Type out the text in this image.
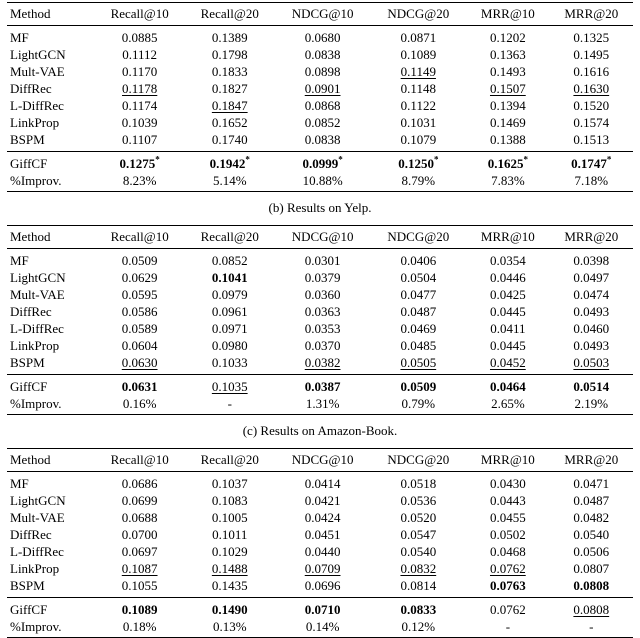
Method	Recall@10	Recall@20	NDCG@10	NDCG@20	MRR@10	MRR@20
MF	0.0885	0.1389	0.0680	0.0871	0.1202	0.1325
LightGCN	0.1112	0.1798	0.0838	0.1089	0.1363	0.1495
Mult-VAE	0.1170	0.1833	0.0898	0.1149	0.1493	0.1616
DiffRec	0.1178	0.1827	0.0901	0.1148	0.1507	0.1630
L-DiffRec	0.1174	0.1847	0.0868	0.1122	0.1394	0.1520
LinkProp	0.1039	0.1652	0.0852	0.1031	0.1469	0.1574
BSPM	0.1107	0.1740	0.0838	0.1079	0.1388	0.1513
GiffCF	0.1275*	0.1942*	0.0999*	0.1250*	0.1625*	0.1747*
%Improv.	8.23%	5.14%	10.88%	8.79%	7.83%	7.18%

(b) Results on Yelp.

Method	Recall@10	Recall@20	NDCG@10	NDCG@20	MRR@10	MRR@20
MF	0.0509	0.0852	0.0301	0.0406	0.0354	0.0398
LightGCN	0.0629	0.1041	0.0379	0.0504	0.0446	0.0497
Mult-VAE	0.0595	0.0979	0.0360	0.0477	0.0425	0.0474
DiffRec	0.0586	0.0961	0.0363	0.0487	0.0445	0.0493
L-DiffRec	0.0589	0.0971	0.0353	0.0469	0.0411	0.0460
LinkProp	0.0604	0.0980	0.0370	0.0485	0.0445	0.0493
BSPM	0.0630	0.1033	0.0382	0.0505	0.0452	0.0503
GiffCF	0.0631	0.1035	0.0387	0.0509	0.0464	0.0514
%Improv.	0.16%	-	1.31%	0.79%	2.65%	2.19%

(c) Results on Amazon-Book.

Method	Recall@10	Recall@20	NDCG@10	NDCG@20	MRR@10	MRR@20
MF	0.0686	0.1037	0.0414	0.0518	0.0430	0.0471
LightGCN	0.0699	0.1083	0.0421	0.0536	0.0443	0.0487
Mult-VAE	0.0688	0.1005	0.0424	0.0520	0.0455	0.0482
DiffRec	0.0700	0.1011	0.0451	0.0547	0.0502	0.0540
L-DiffRec	0.0697	0.1029	0.0440	0.0540	0.0468	0.0506
LinkProp	0.1087	0.1488	0.0709	0.0832	0.0762	0.0807
BSPM	0.1055	0.1435	0.0696	0.0814	0.0763	0.0808
GiffCF	0.1089	0.1490	0.0710	0.0833	0.0762	0.0808
%Improv.	0.18%	0.13%	0.14%	0.12%	-	-
